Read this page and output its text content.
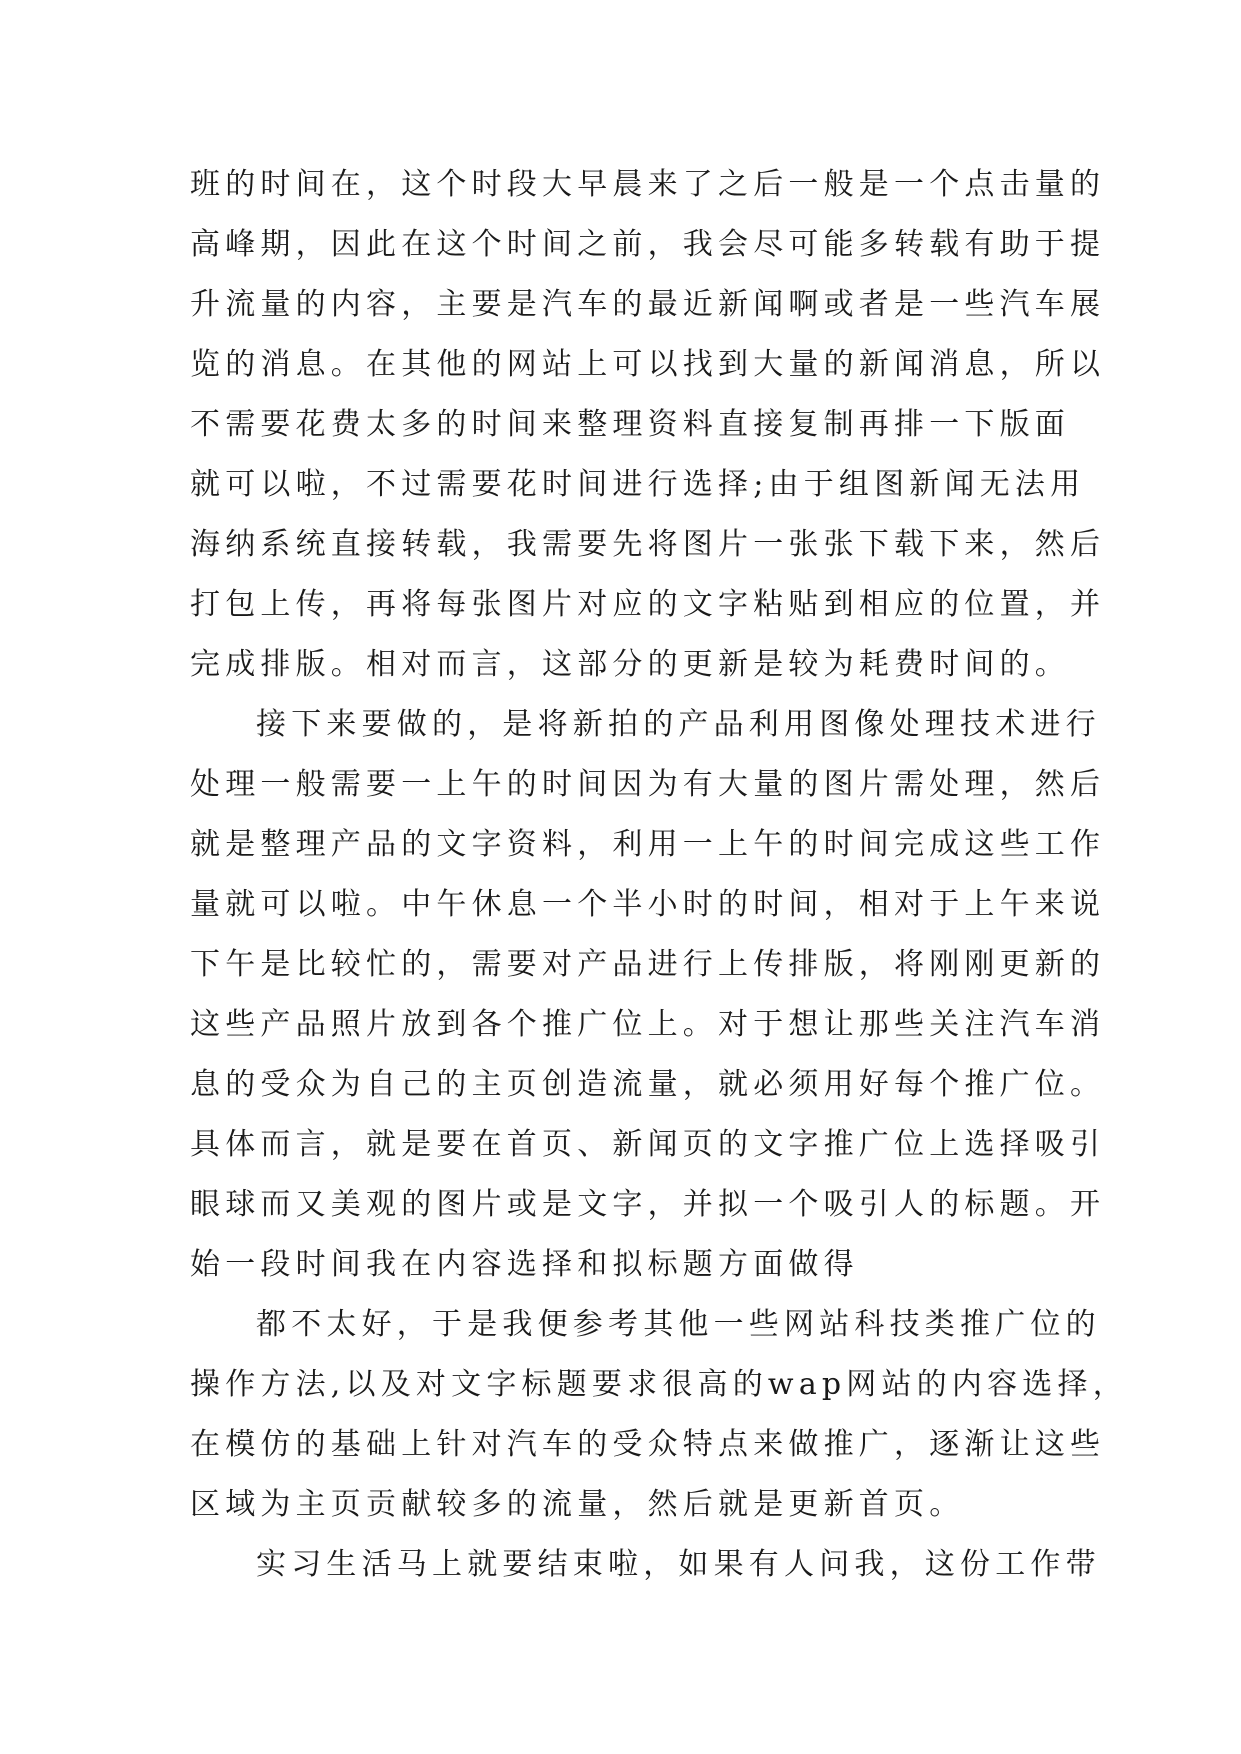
班的时间在，这个时段大早晨来了之后一般是一个点击量的
高峰期，因此在这个时间之前，我会尽可能多转载有助于提
升流量的内容，主要是汽车的最近新闻啊或者是一些汽车展
览的消息。在其他的网站上可以找到大量的新闻消息，所以
不需要花费太多的时间来整理资料直接复制再排一下版面
就可以啦，不过需要花时间进行选择;由于组图新闻无法用
海纳系统直接转载，我需要先将图片一张张下载下来，然后
打包上传，再将每张图片对应的文字粘贴到相应的位置，并
完成排版。相对而言，这部分的更新是较为耗费时间的。
接下来要做的，是将新拍的产品利用图像处理技术进行
处理一般需要一上午的时间因为有大量的图片需处理，然后
就是整理产品的文字资料，利用一上午的时间完成这些工作
量就可以啦。中午休息一个半小时的时间，相对于上午来说
下午是比较忙的，需要对产品进行上传排版，将刚刚更新的
这些产品照片放到各个推广位上。对于想让那些关注汽车消
息的受众为自己的主页创造流量，就必须用好每个推广位。
具体而言，就是要在首页、新闻页的文字推广位上选择吸引
眼球而又美观的图片或是文字，并拟一个吸引人的标题。开
始一段时间我在内容选择和拟标题方面做得
都不太好，于是我便参考其他一些网站科技类推广位的
操作方法,以及对文字标题要求很高的wap网站的内容选择，
在模仿的基础上针对汽车的受众特点来做推广，逐渐让这些
区域为主页贡献较多的流量，然后就是更新首页。
实习生活马上就要结束啦，如果有人问我，这份工作带
